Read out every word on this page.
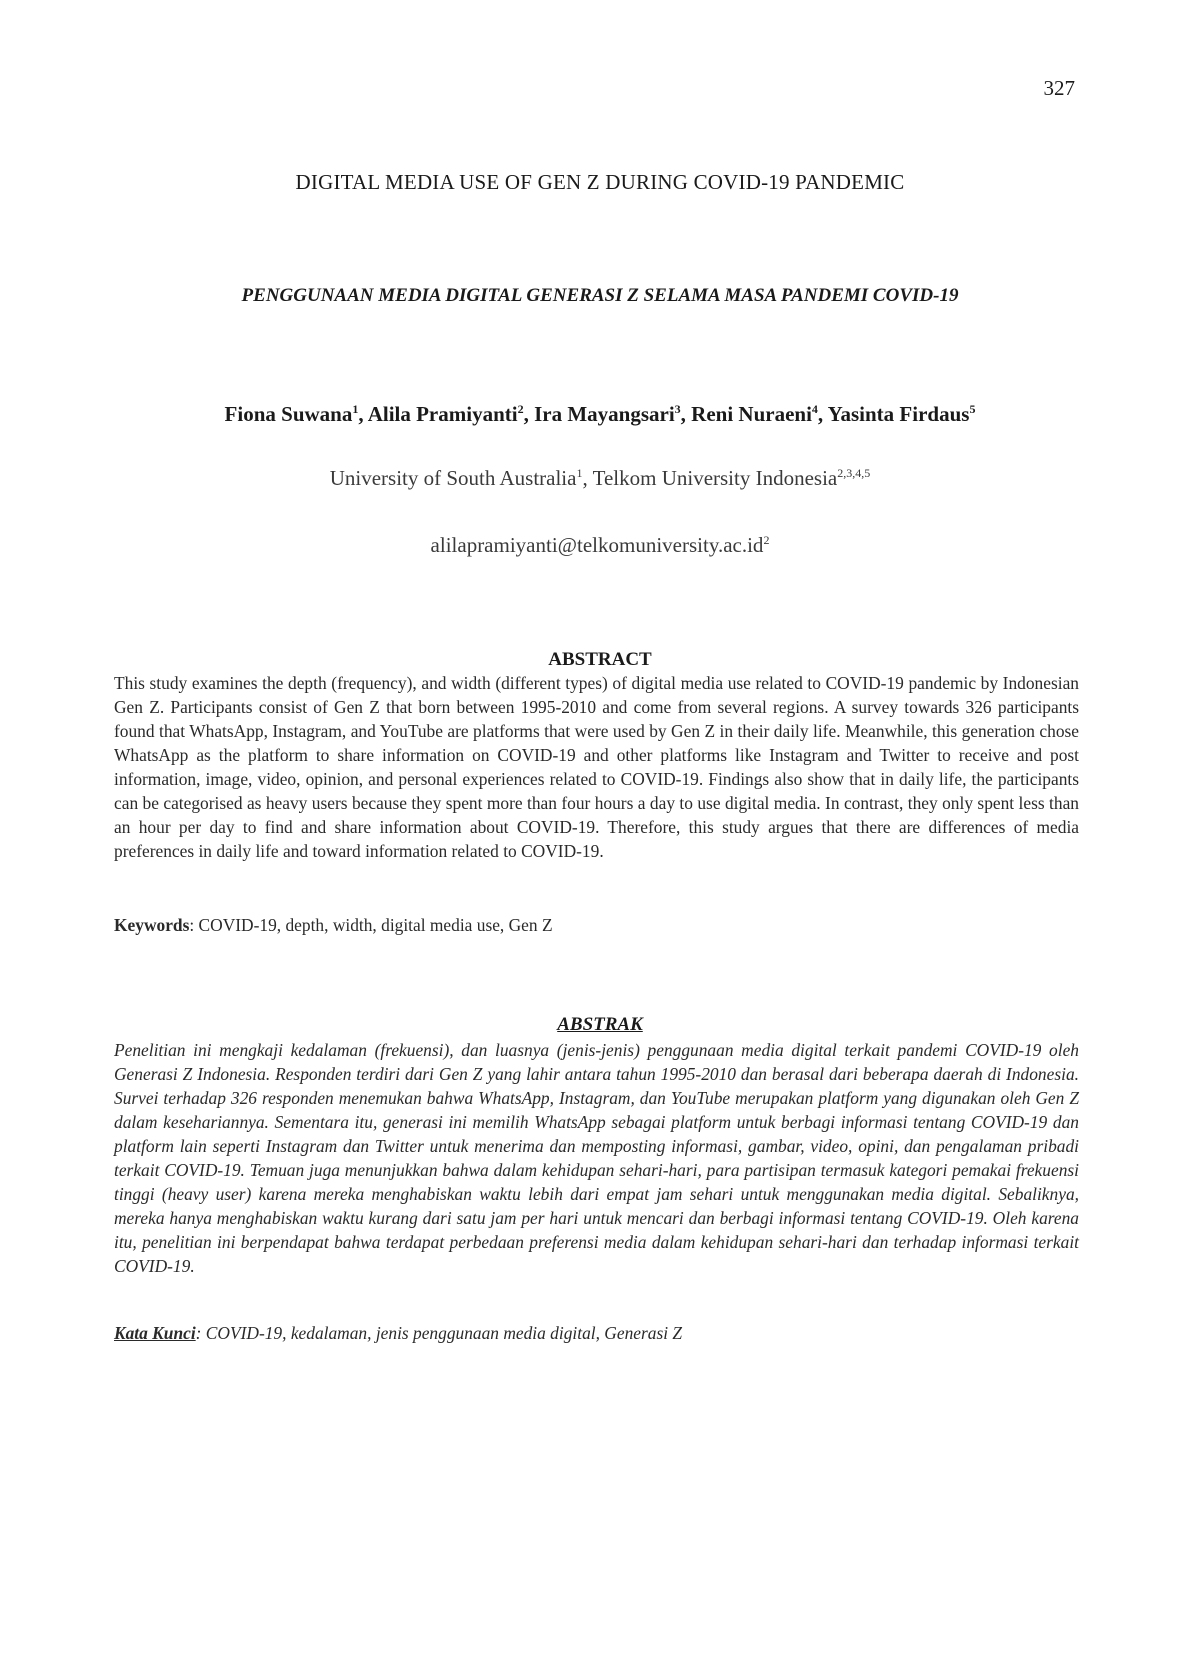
327
DIGITAL MEDIA USE OF GEN Z DURING COVID-19 PANDEMIC
PENGGUNAAN MEDIA DIGITAL GENERASI Z SELAMA MASA PANDEMI COVID-19
Fiona Suwana$^1$, Alila Pramiyanti$^2$, Ira Mayangsari$^3$, Reni Nuraeni$^4$, Yasinta Firdaus$^5$
University of South Australia$^1$, Telkom University Indonesia$^{2,3,4,5}$
$alilapramiyanti@telkomuniversity.ac.id^2$
ABSTRACT
This study examines the depth (frequency), and width (different types) of digital media use related to COVID-19 pandemic by Indonesian Gen Z. Participants consist of Gen Z that born between 1995-2010 and come from several regions. A survey towards 326 participants found that WhatsApp, Instagram, and YouTube are platforms that were used by Gen Z in their daily life. Meanwhile, this generation chose WhatsApp as the platform to share information on COVID-19 and other platforms like Instagram and Twitter to receive and post information, image, video, opinion, and personal experiences related to COVID-19. Findings also show that in daily life, the participants can be categorised as heavy users because they spent more than four hours a day to use digital media. In contrast, they only spent less than an hour per day to find and share information about COVID-19. Therefore, this study argues that there are differences of media preferences in daily life and toward information related to COVID-19.
Keywords: COVID-19, depth, width, digital media use, Gen Z
ABSTRAK
Penelitian ini mengkaji kedalaman (frekuensi), dan luasnya (jenis-jenis) penggunaan media digital terkait pandemi COVID-19 oleh Generasi Z Indonesia. Responden terdiri dari Gen Z yang lahir antara tahun 1995-2010 dan berasal dari beberapa daerah di Indonesia. Survei terhadap 326 responden menemukan bahwa WhatsApp, Instagram, dan YouTube merupakan platform yang digunakan oleh Gen Z dalam kesehariannya. Sementara itu, generasi ini memilih WhatsApp sebagai platform untuk berbagi informasi tentang COVID-19 dan platform lain seperti Instagram dan Twitter untuk menerima dan memposting informasi, gambar, video, opini, dan pengalaman pribadi terkait COVID-19. Temuan juga menunjukkan bahwa dalam kehidupan sehari-hari, para partisipan termasuk kategori pemakai frekuensi tinggi (heavy user) karena mereka menghabiskan waktu lebih dari empat jam sehari untuk menggunakan media digital. Sebaliknya, mereka hanya menghabiskan waktu kurang dari satu jam per hari untuk mencari dan berbagi informasi tentang COVID-19. Oleh karena itu, penelitian ini berpendapat bahwa terdapat perbedaan preferensi media dalam kehidupan sehari-hari dan terhadap informasi terkait COVID-19.
Kata Kunci: COVID-19, kedalaman, jenis penggunaan media digital, Generasi Z
